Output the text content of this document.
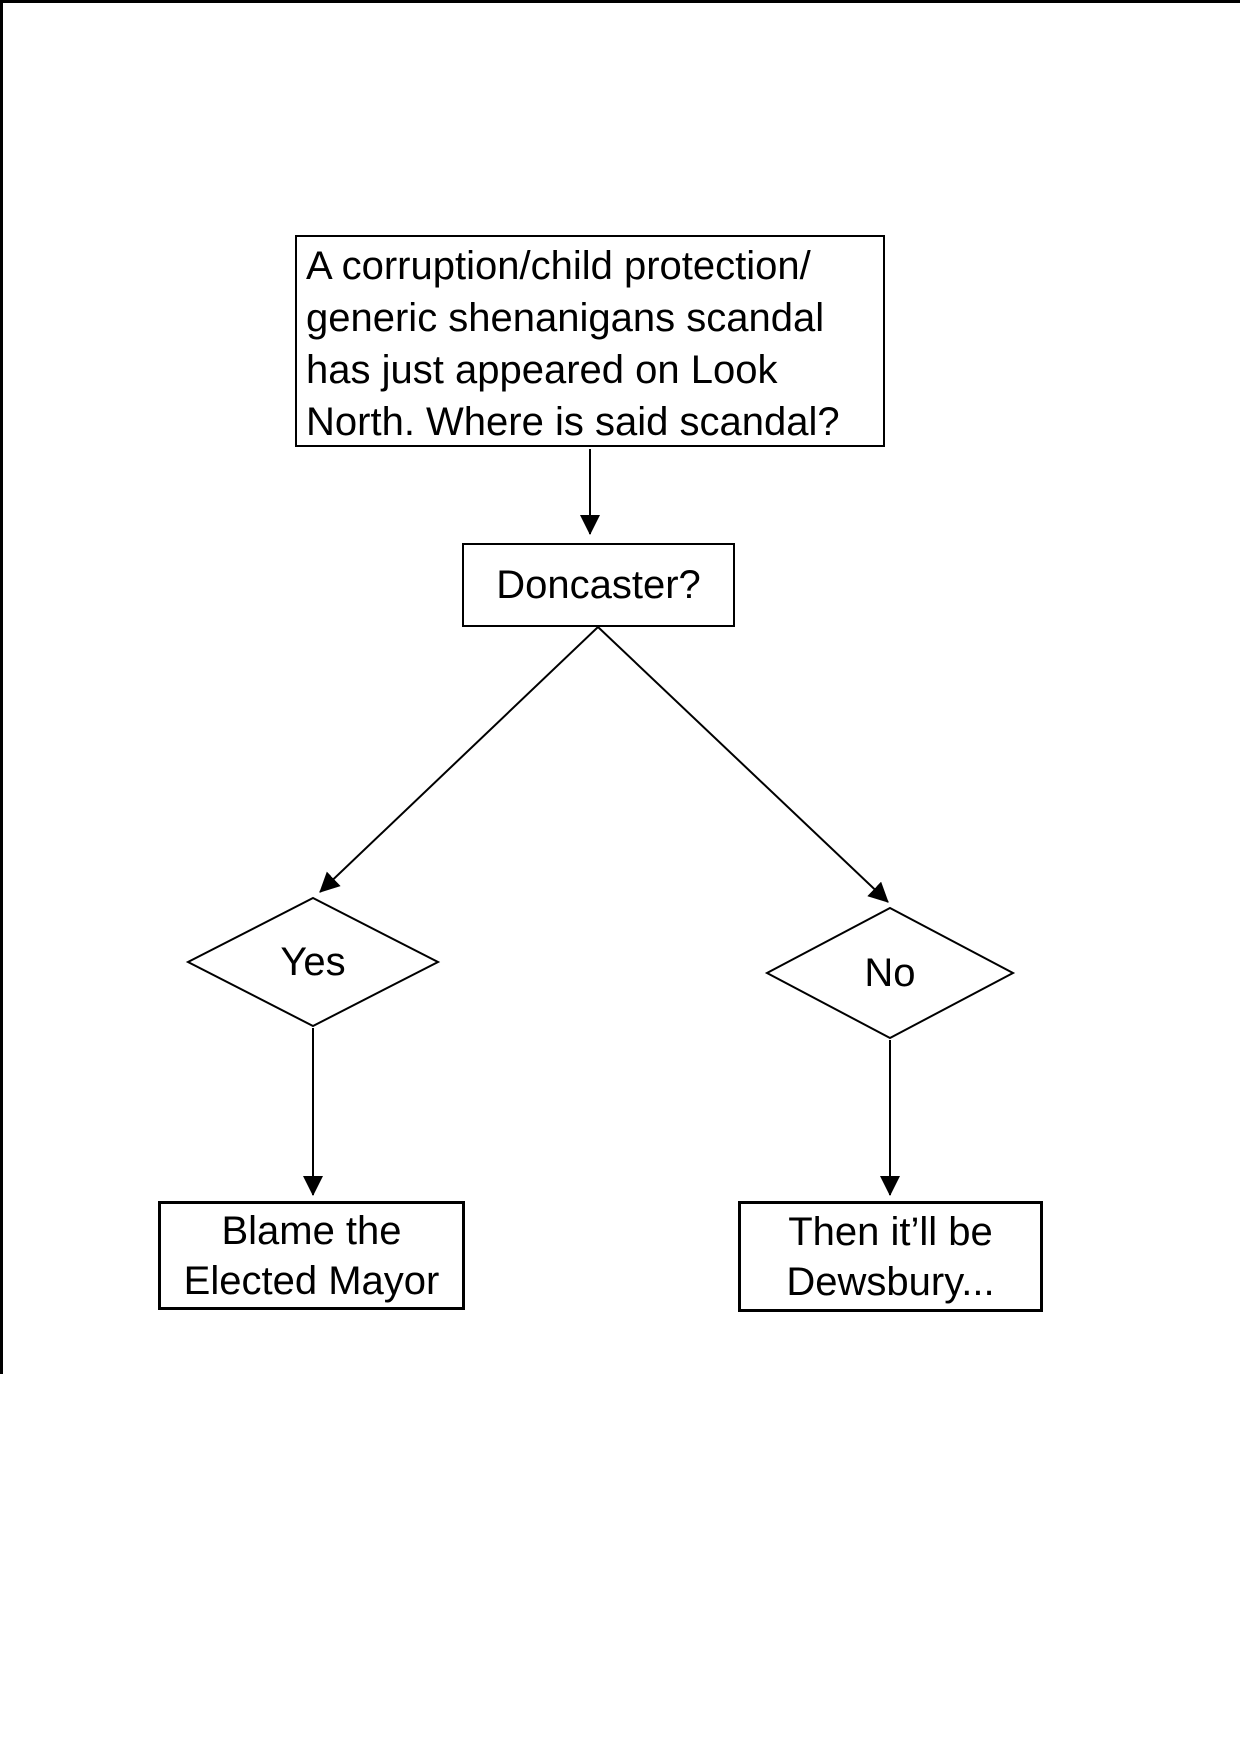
A corruption/child protection/
generic shenanigans scandal
has just appeared on Look
North. Where is said scandal?
Doncaster?
Yes	No
Blame the
Elected Mayor
Then it’ll be
Dewsbury...
